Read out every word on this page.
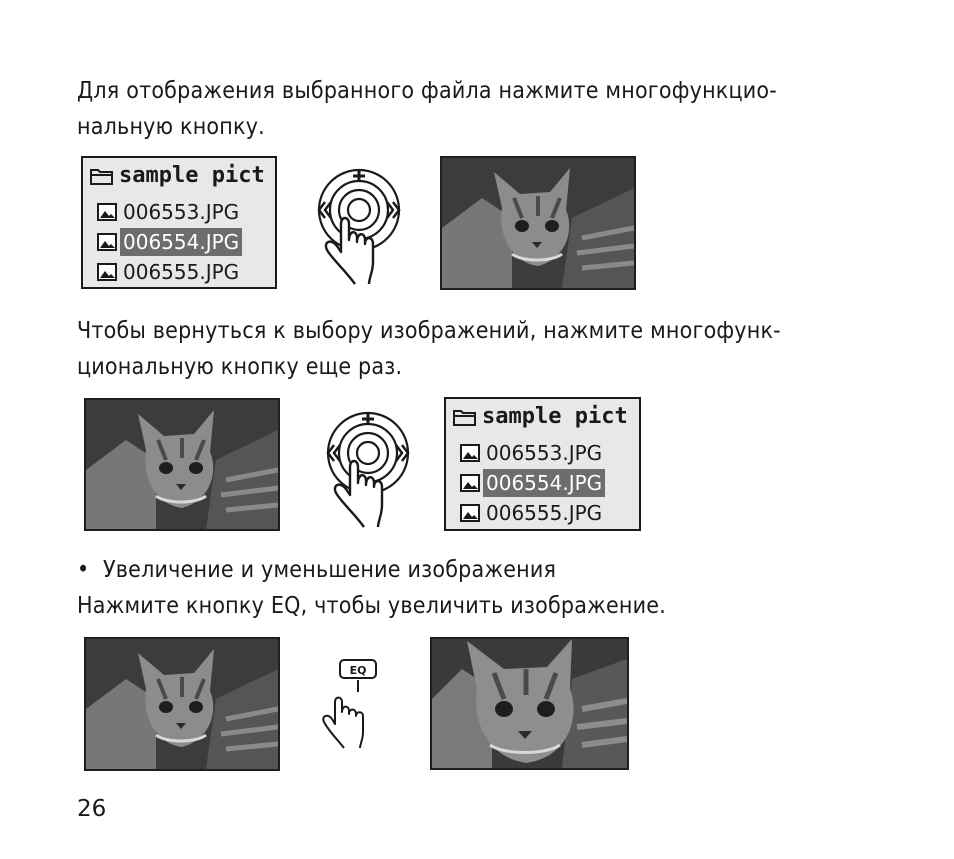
Для отображения выбранного файла нажмите многофункцио-
нальную кнопку.

sample pict
006553.JPG
006554.JPG
006555.JPG

Чтобы вернуться к выбору изображений, нажмите многофунк-
циональную кнопку еще раз.

sample pict
006553.JPG
006554.JPG
006555.JPG

• Увеличение и уменьшение изображения
Нажмите кнопку EQ, чтобы увеличить изображение.

EQ
26
